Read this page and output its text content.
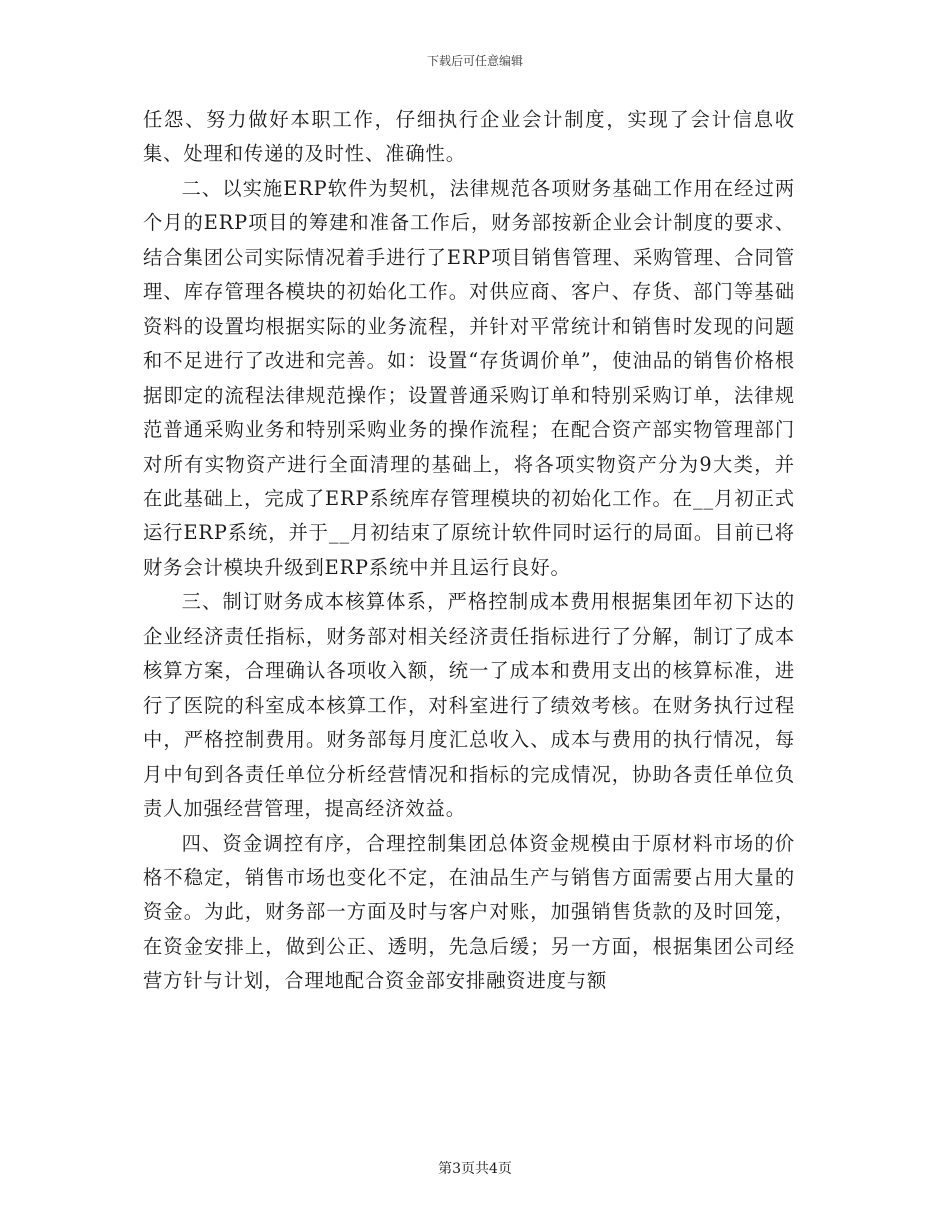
下载后可任意编辑

任怨、努力做好本职工作，仔细执行企业会计制度，实现了会计信息收集、处理和传递的及时性、准确性。

二、以实施ERP软件为契机，法律规范各项财务基础工作用在经过两个月的ERP项目的筹建和准备工作后，财务部按新企业会计制度的要求、结合集团公司实际情况着手进行了ERP项目销售管理、采购管理、合同管理、库存管理各模块的初始化工作。对供应商、客户、存货、部门等基础资料的设置均根据实际的业务流程，并针对平常统计和销售时发现的问题和不足进行了改进和完善。如：设置“存货调价单”，使油品的销售价格根据即定的流程法律规范操作；设置普通采购订单和特别采购订单，法律规范普通采购业务和特别采购业务的操作流程；在配合资产部实物管理部门对所有实物资产进行全面清理的基础上，将各项实物资产分为9大类，并在此基础上，完成了ERP系统库存管理模块的初始化工作。在__月初正式运行ERP系统，并于__月初结束了原统计软件同时运行的局面。目前已将财务会计模块升级到ERP系统中并且运行良好。

三、制订财务成本核算体系，严格控制成本费用根据集团年初下达的企业经济责任指标，财务部对相关经济责任指标进行了分解，制订了成本核算方案，合理确认各项收入额，统一了成本和费用支出的核算标准，进行了医院的科室成本核算工作，对科室进行了绩效考核。在财务执行过程中，严格控制费用。财务部每月度汇总收入、成本与费用的执行情况，每月中旬到各责任单位分析经营情况和指标的完成情况，协助各责任单位负责人加强经营管理，提高经济效益。

四、资金调控有序，合理控制集团总体资金规模由于原材料市场的价格不稳定，销售市场也变化不定，在油品生产与销售方面需要占用大量的资金。为此，财务部一方面及时与客户对账，加强销售货款的及时回笼，在资金安排上，做到公正、透明，先急后缓；另一方面，根据集团公司经营方针与计划，合理地配合资金部安排融资进度与额

第3页共4页
